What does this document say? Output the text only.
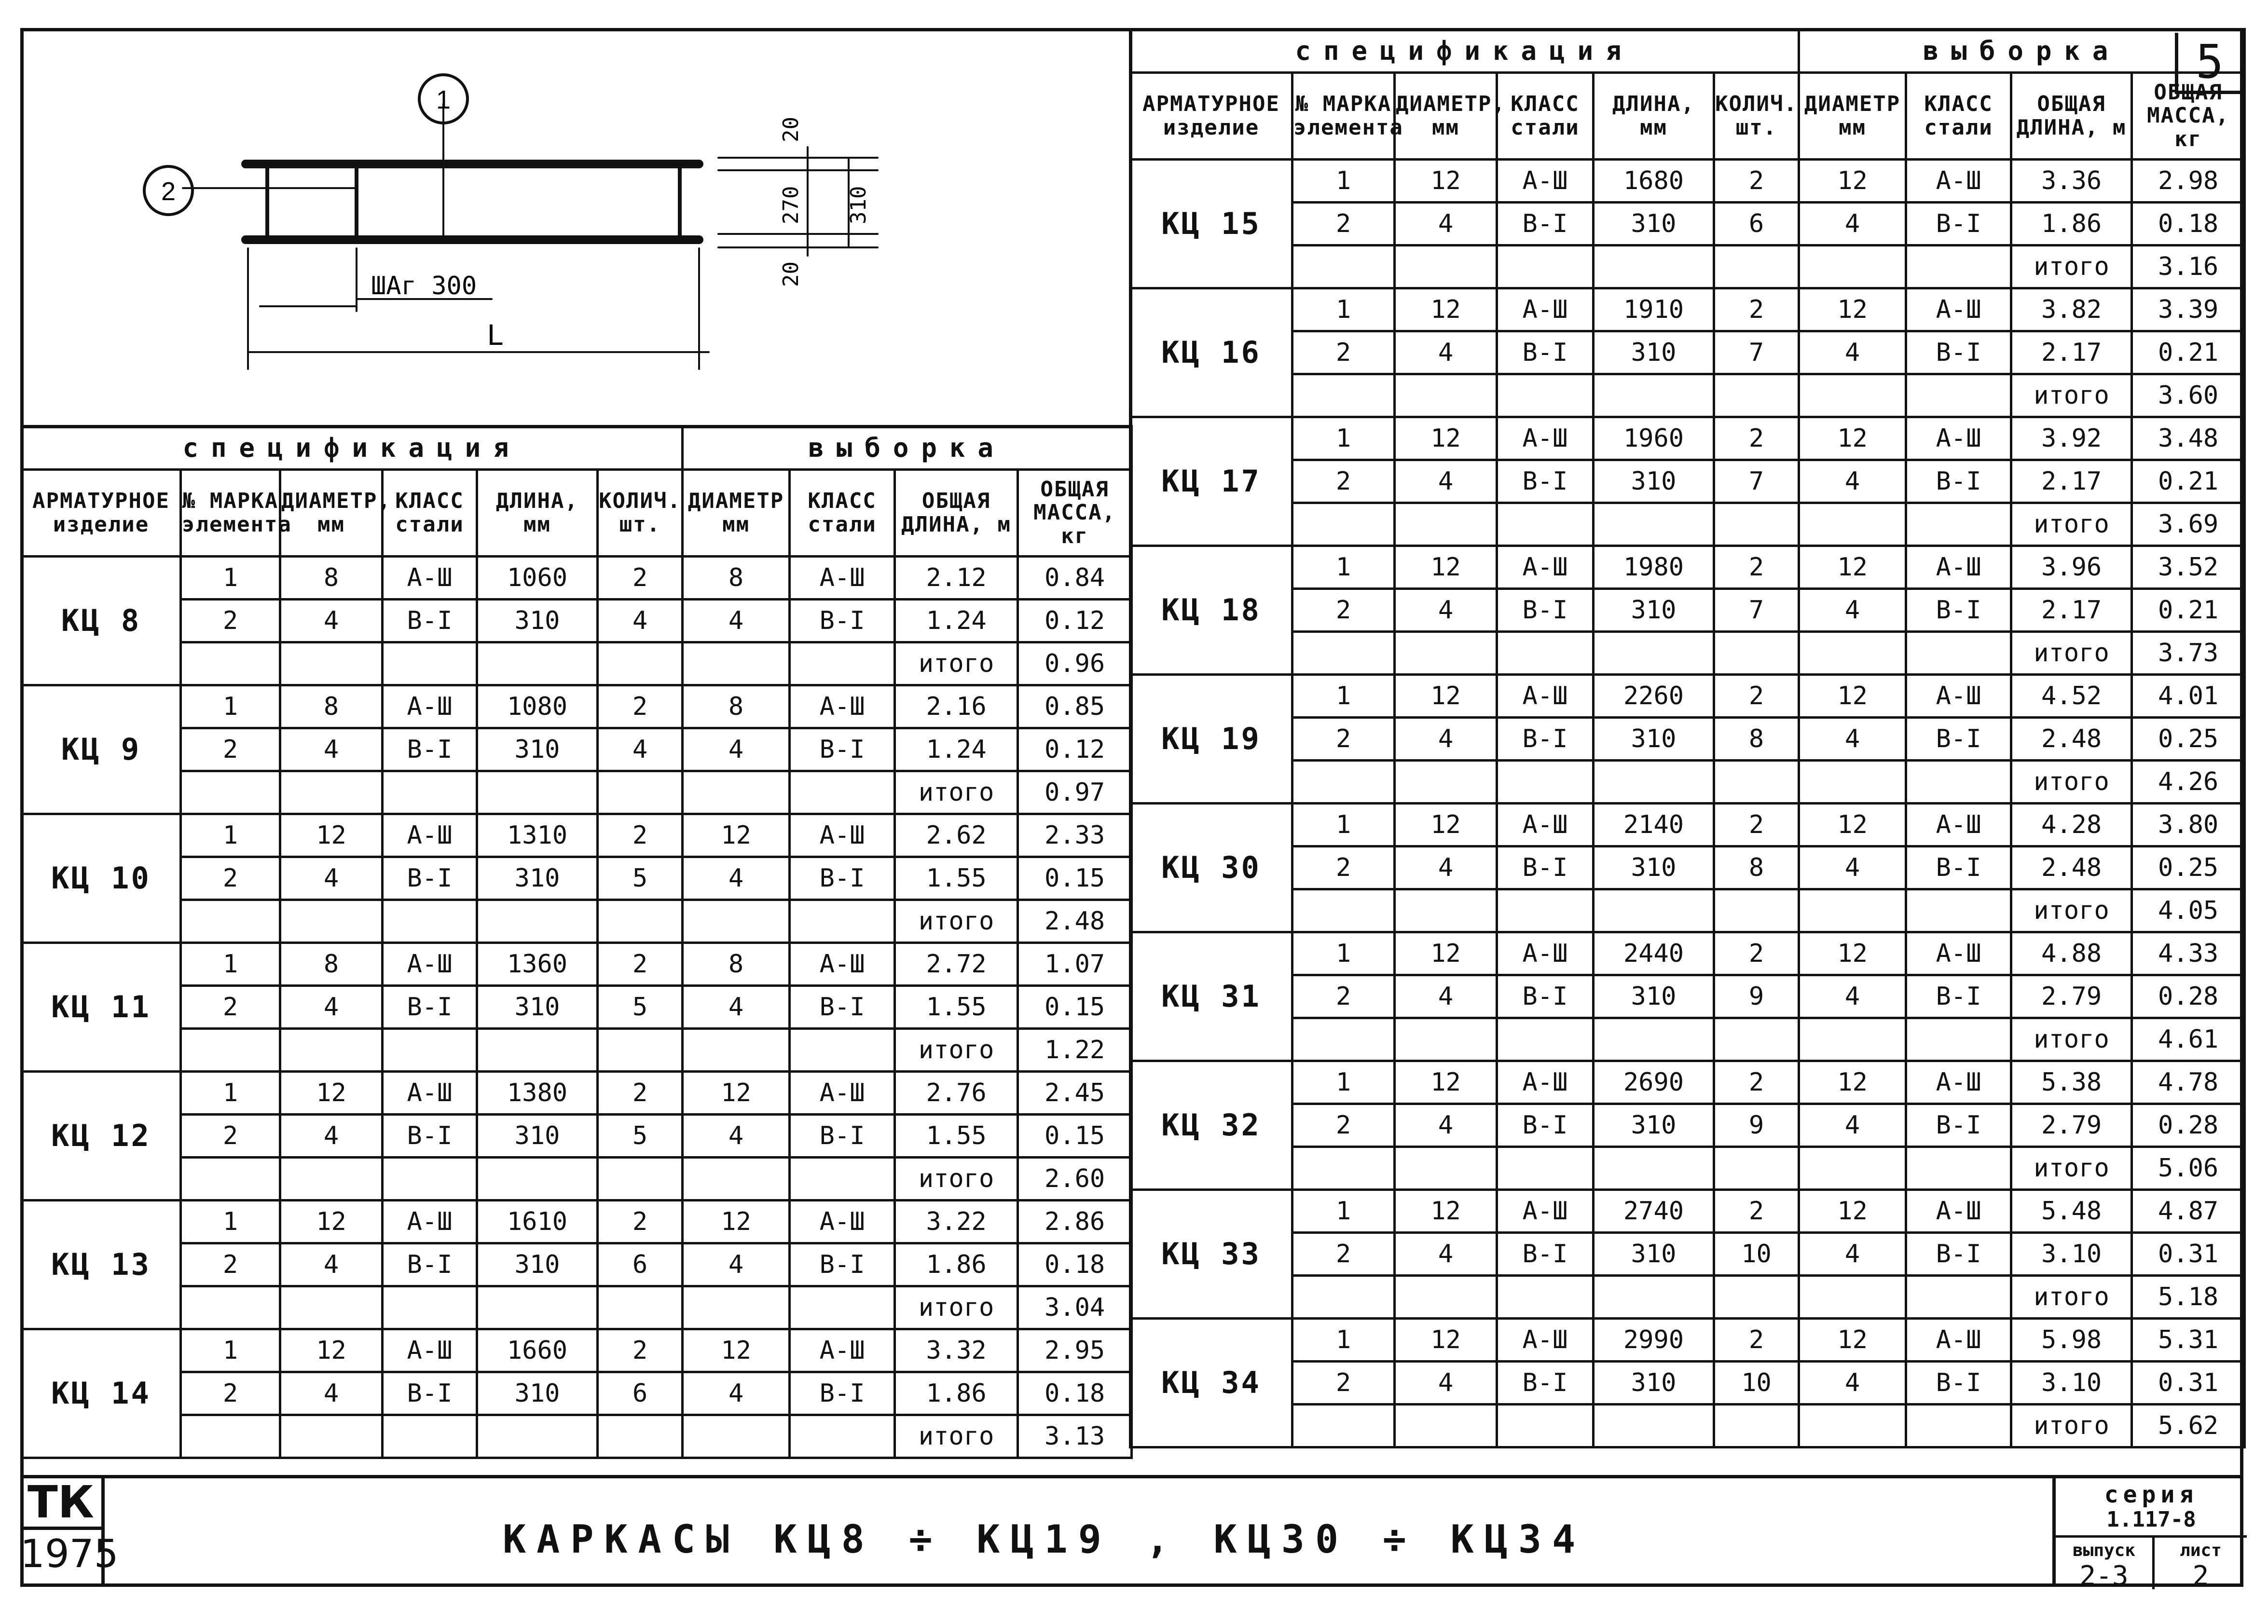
1
2
ШАг 300
L
20
270 310
20
спецификация						выборка			
АРМАТУРНОЕ изделие	№ МАРКА элемента	ДИАМЕТР, мм	КЛАСС стали	ДЛИНА, мм	КОЛИЧ. шт.	ДИАМЕТР мм	КЛАСС стали	ОБЩАЯ ДЛИНА, м	ОБЩАЯ МАССА, кг
КЦ 8	1	8	А-Ш	1060	2	8	А-Ш	2.12	0.84
	2	4	В-I	310	4	4	В-I	1.24	0.12
								итого	0.96
КЦ 9	1	8	А-Ш	1080	2	8	А-Ш	2.16	0.85
	2	4	В-I	310	4	4	В-I	1.24	0.12
								итого	0.97
КЦ 10	1	12	А-Ш	1310	2	12	А-Ш	2.62	2.33
	2	4	В-I	310	5	4	В-I	1.55	0.15
								итого	2.48
КЦ 11	1	8	А-Ш	1360	2	8	А-Ш	2.72	1.07
	2	4	В-I	310	5	4	В-I	1.55	0.15
								итого	1.22
КЦ 12	1	12	А-Ш	1380	2	12	А-Ш	2.76	2.45
	2	4	В-I	310	5	4	В-I	1.55	0.15
								итого	2.60
КЦ 13	1	12	А-Ш	1610	2	12	А-Ш	3.22	2.86
	2	4	В-I	310	6	4	В-I	1.86	0.18
								итого	3.04
КЦ 14	1	12	А-Ш	1660	2	12	А-Ш	3.32	2.95
	2	4	В-I	310	6	4	В-I	1.86	0.18
								итого	3.13
спецификация						выборка			
АРМАТУРНОЕ изделие	№ МАРКА элемента	ДИАМЕТР, мм	КЛАСС стали	ДЛИНА, мм	КОЛИЧ. шт.	ДИАМЕТР мм	КЛАСС стали	ОБЩАЯ ДЛИНА, м	ОБЩАЯ МАССА, кг
КЦ 15	1	12	А-Ш	1680	2	12	А-Ш	3.36	2.98
	2	4	В-I	310	6	4	В-I	1.86	0.18
								итого	3.16
КЦ 16	1	12	А-Ш	1910	2	12	А-Ш	3.82	3.39
	2	4	В-I	310	7	4	В-I	2.17	0.21
								итого	3.60
КЦ 17	1	12	А-Ш	1960	2	12	А-Ш	3.92	3.48
	2	4	В-I	310	7	4	В-I	2.17	0.21
								итого	3.69
КЦ 18	1	12	А-Ш	1980	2	12	А-Ш	3.96	3.52
	2	4	В-I	310	7	4	В-I	2.17	0.21
								итого	3.73
КЦ 19	1	12	А-Ш	2260	2	12	А-Ш	4.52	4.01
	2	4	В-I	310	8	4	В-I	2.48	0.25
								итого	4.26
КЦ 30	1	12	А-Ш	2140	2	12	А-Ш	4.28	3.80
	2	4	В-I	310	8	4	В-I	2.48	0.25
								итого	4.05
КЦ 31	1	12	А-Ш	2440	2	12	А-Ш	4.88	4.33
	2	4	В-I	310	9	4	В-I	2.79	0.28
								итого	4.61
КЦ 32	1	12	А-Ш	2690	2	12	А-Ш	5.38	4.78
	2	4	В-I	310	9	4	В-I	2.79	0.28
								итого	5.06
КЦ 33	1	12	А-Ш	2740	2	12	А-Ш	5.48	4.87
	2	4	В-I	310	10	4	В-I	3.10	0.31
								итого	5.18
КЦ 34	1	12	А-Ш	2990	2	12	А-Ш	5.98	5.31
	2	4	В-I	310	10	4	В-I	3.10	0.31
								итого	5.62
5
ТК
1975	КАРКАСЫ КЦ8 ÷ КЦ19 , КЦ30 ÷ КЦ34
серия
1.117-8
выпуск
2-3
лист
2
